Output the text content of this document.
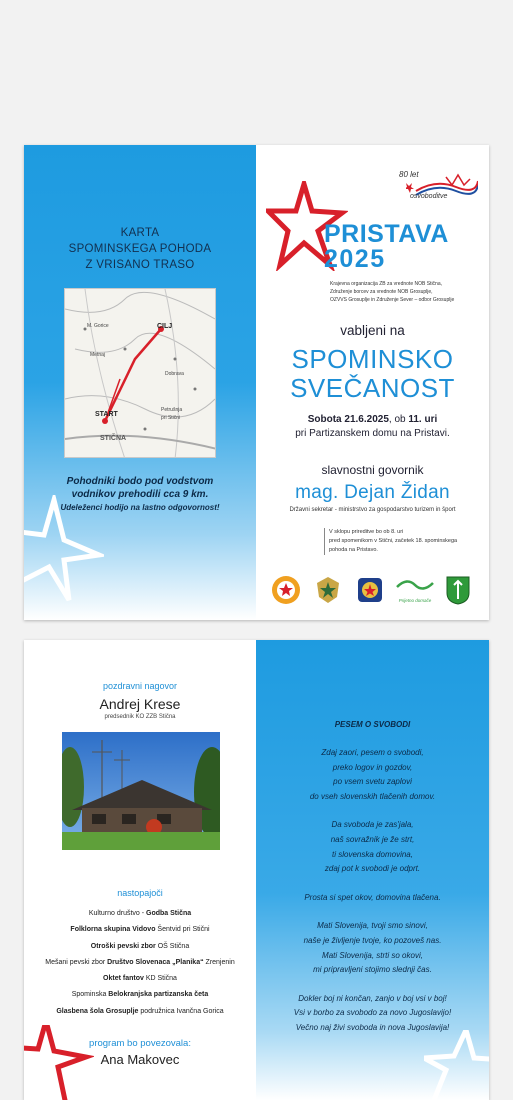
KARTA
SPOMINSKEGA POHODA
Z VRISANO TRASO
CILJ
START
STIČNA
M. Gorice
Metnaj
Dobrava
Petrušnja
pri Stični
Pohodniki bodo pod vodstvom
vodnikov prehodili cca 9 km.
Udeleženci hodijo na lastno odgovornost!
80 let
osvoboditve
PRISTAVA
2025
Krajevna organizacija ZB za vrednote NOB Stična,
Združenje borcev za vrednote NOB Grosuplje,
OZVVS Grosuplje in Združenje Sever – odbor Grosuplje
vabljeni na
SPOMINSKO
SVEČANOST
Sobota 21.6.2025, ob 11. uri
pri Partizanskem domu na Pristavi.
slavnostni govornik
mag. Dejan Židan
Državni sekretar - ministrstvo za gospodarstvo turizem in šport
V sklopu prireditve bo ob 8. uri
pred spomenikom v Stični, začetek 18. spominskega
pohoda na Pristavo.
Prijetno domače
pozdravni nagovor
Andrej Krese
predsednik KO ZZB Stična
nastopajoči
Kulturno društvo - Godba Stična
Folklorna skupina Vidovo Šentvid pri Stični
Otroški pevski zbor OŠ Stična
Mešani pevski zbor Društvo Slovenaca „Planika“ Zrenjenin
Oktet fantov KD Stična
Spominska Belokranjska partizanska četa
Glasbena šola Grosuplje podružnica Ivančna Gorica
program bo povezovala:
Ana Makovec
PESEM O SVOBODI
Zdaj zaori, pesem o svobodi,
preko logov in gozdov,
po vsem svetu zaplovi
do vseh slovenskih tlačenih domov.
Da svoboda je zas'jala,
naš sovražnik je že strt,
ti slovenska domovina,
zdaj pot k svobodi je odprt.
Prosta si spet okov, domovina tlačena.
Mati Slovenija, tvoji smo sinovi,
naše je življenje tvoje, ko pozoveš nas.
Mati Slovenija, strti so okovi,
mi pripravljeni stojimo slednji čas.
Dokler boj ni končan, zanjo v boj vsi v boj!
Vsi v borbo za svobodo za novo Jugoslavijo!
Večno naj živi svoboda in nova Jugoslavija!
